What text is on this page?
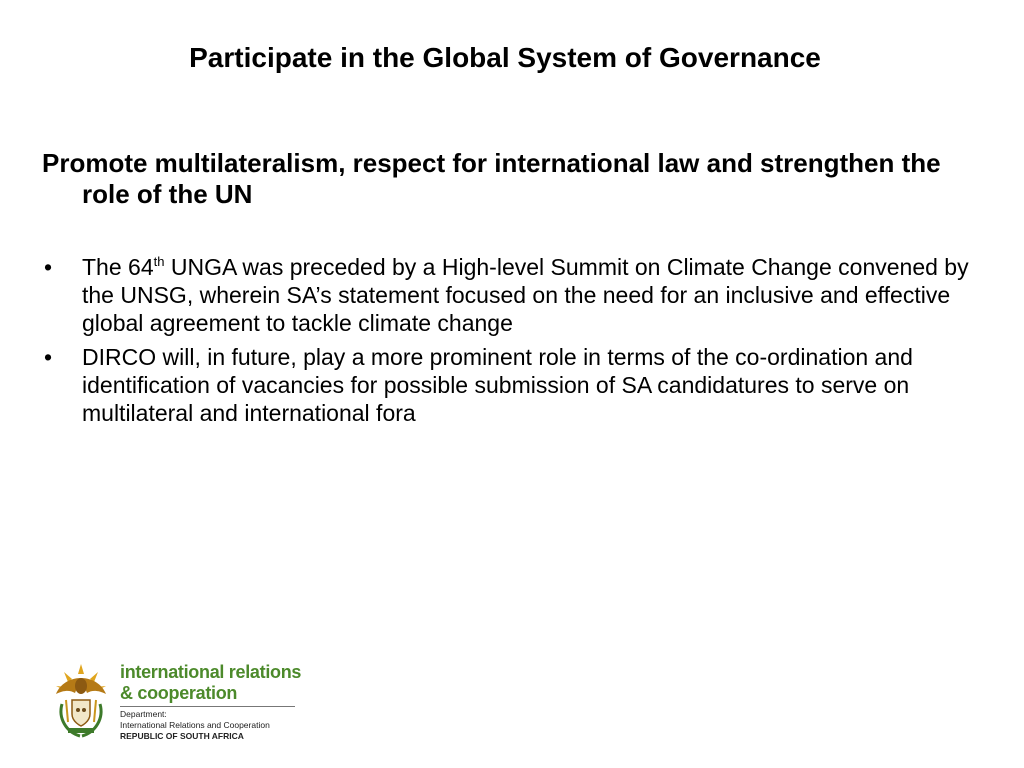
Participate in the Global System of Governance
Promote multilateralism, respect for international law and strengthen the role of the UN
• The 64th UNGA was preceded by a High-level Summit on Climate Change convened by the UNSG, wherein SA’s statement focused on the need for an inclusive and effective global agreement to tackle climate change
• DIRCO will, in future, play a more prominent role in terms of the co-ordination and identification of vacancies for possible submission of SA candidatures to serve on multilateral and international fora
international relations
& cooperation
Department:
International Relations and Cooperation
REPUBLIC OF SOUTH AFRICA
